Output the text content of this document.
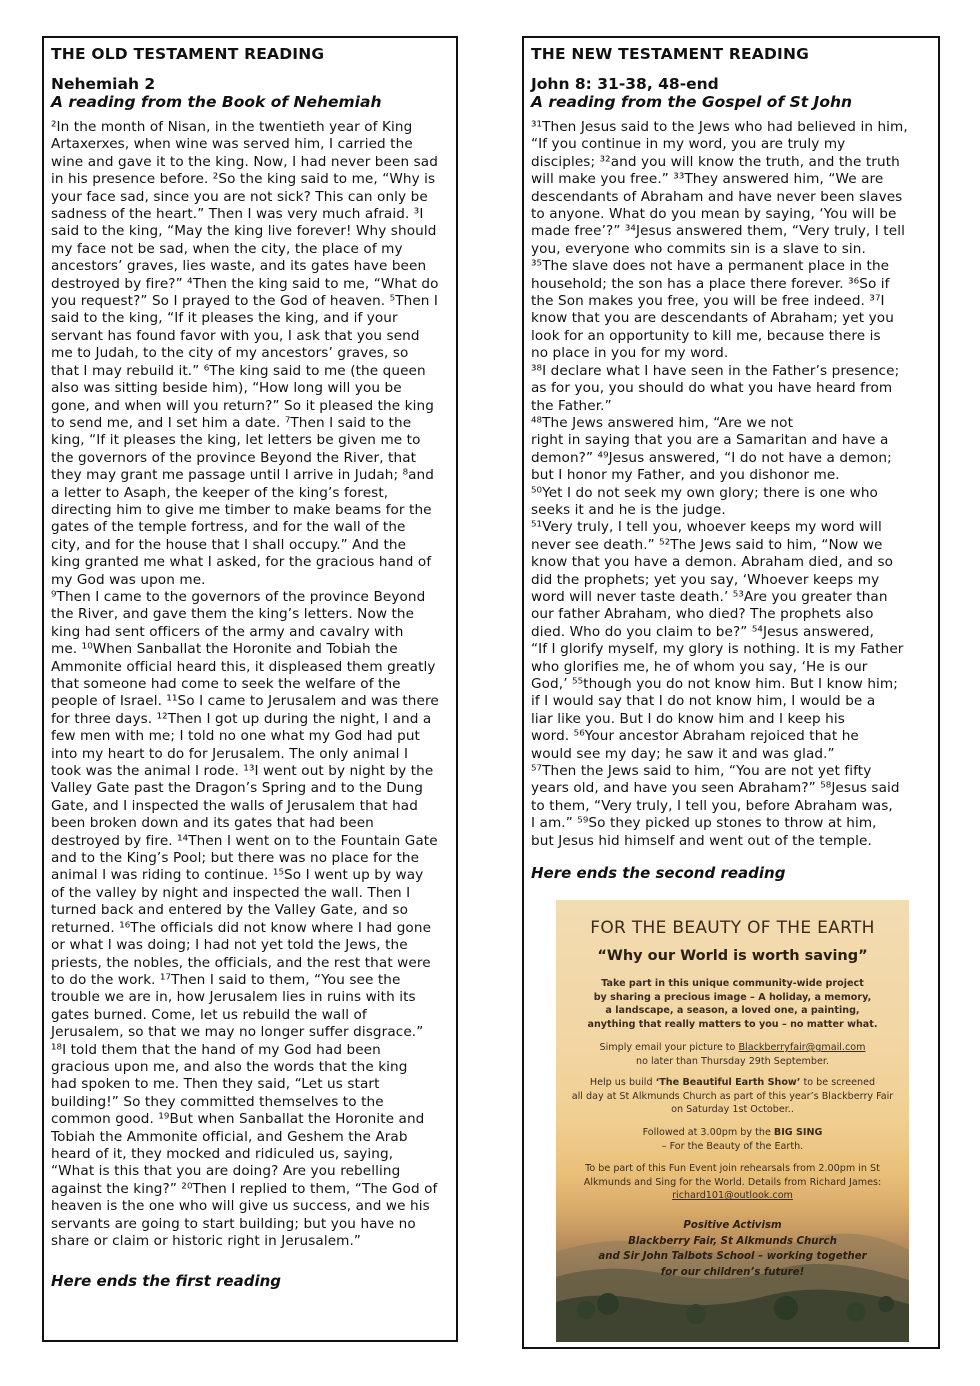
THE OLD TESTAMENT READING
Nehemiah 2
A reading from the Book of Nehemiah

²In the month of Nisan, in the twentieth year of King
Artaxerxes, when wine was served him, I carried the
wine and gave it to the king. Now, I had never been sad
in his presence before. ²So the king said to me, “Why is
your face sad, since you are not sick? This can only be
sadness of the heart.” Then I was very much afraid. ³I
said to the king, “May the king live forever! Why should
my face not be sad, when the city, the place of my
ancestors’ graves, lies waste, and its gates have been
destroyed by fire?” ⁴Then the king said to me, “What do
you request?” So I prayed to the God of heaven. ⁵Then I
said to the king, “If it pleases the king, and if your
servant has found favor with you, I ask that you send
me to Judah, to the city of my ancestors’ graves, so
that I may rebuild it.” ⁶The king said to me (the queen
also was sitting beside him), “How long will you be
gone, and when will you return?” So it pleased the king
to send me, and I set him a date. ⁷Then I said to the
king, “If it pleases the king, let letters be given me to
the governors of the province Beyond the River, that
they may grant me passage until I arrive in Judah; ⁸and
a letter to Asaph, the keeper of the king’s forest,
directing him to give me timber to make beams for the
gates of the temple fortress, and for the wall of the
city, and for the house that I shall occupy.” And the
king granted me what I asked, for the gracious hand of
my God was upon me.
⁹Then I came to the governors of the province Beyond
the River, and gave them the king’s letters. Now the
king had sent officers of the army and cavalry with
me. ¹⁰When Sanballat the Horonite and Tobiah the
Ammonite official heard this, it displeased them greatly
that someone had come to seek the welfare of the
people of Israel. ¹¹So I came to Jerusalem and was there
for three days. ¹²Then I got up during the night, I and a
few men with me; I told no one what my God had put
into my heart to do for Jerusalem. The only animal I
took was the animal I rode. ¹³I went out by night by the
Valley Gate past the Dragon’s Spring and to the Dung
Gate, and I inspected the walls of Jerusalem that had
been broken down and its gates that had been
destroyed by fire. ¹⁴Then I went on to the Fountain Gate
and to the King’s Pool; but there was no place for the
animal I was riding to continue. ¹⁵So I went up by way
of the valley by night and inspected the wall. Then I
turned back and entered by the Valley Gate, and so
returned. ¹⁶The officials did not know where I had gone
or what I was doing; I had not yet told the Jews, the
priests, the nobles, the officials, and the rest that were
to do the work. ¹⁷Then I said to them, “You see the
trouble we are in, how Jerusalem lies in ruins with its
gates burned. Come, let us rebuild the wall of
Jerusalem, so that we may no longer suffer disgrace.”
¹⁸I told them that the hand of my God had been
gracious upon me, and also the words that the king
had spoken to me. Then they said, “Let us start
building!” So they committed themselves to the
common good. ¹⁹But when Sanballat the Horonite and
Tobiah the Ammonite official, and Geshem the Arab
heard of it, they mocked and ridiculed us, saying,
“What is this that you are doing? Are you rebelling
against the king?” ²⁰Then I replied to them, “The God of
heaven is the one who will give us success, and we his
servants are going to start building; but you have no
share or claim or historic right in Jerusalem.”

Here ends the first reading
THE NEW TESTAMENT READING
John 8: 31-38, 48-end
A reading from the Gospel of St John

³¹Then Jesus said to the Jews who had believed in him,
“If you continue in my word, you are truly my
disciples; ³²and you will know the truth, and the truth
will make you free.” ³³They answered him, “We are
descendants of Abraham and have never been slaves
to anyone. What do you mean by saying, ‘You will be
made free’?” ³⁴Jesus answered them, “Very truly, I tell
you, everyone who commits sin is a slave to sin.
³⁵The slave does not have a permanent place in the
household; the son has a place there forever. ³⁶So if
the Son makes you free, you will be free indeed. ³⁷I
know that you are descendants of Abraham; yet you
look for an opportunity to kill me, because there is
no place in you for my word.
³⁸I declare what I have seen in the Father’s presence;
as for you, you should do what you have heard from
the Father.”
⁴⁸The Jews answered him, “Are we not
right in saying that you are a Samaritan and have a
demon?” ⁴⁹Jesus answered, “I do not have a demon;
but I honor my Father, and you dishonor me.
⁵⁰Yet I do not seek my own glory; there is one who
seeks it and he is the judge.
⁵¹Very truly, I tell you, whoever keeps my word will
never see death.” ⁵²The Jews said to him, “Now we
know that you have a demon. Abraham died, and so
did the prophets; yet you say, ‘Whoever keeps my
word will never taste death.’ ⁵³Are you greater than
our father Abraham, who died? The prophets also
died. Who do you claim to be?” ⁵⁴Jesus answered,
“If I glorify myself, my glory is nothing. It is my Father
who glorifies me, he of whom you say, ‘He is our
God,’ ⁵⁵though you do not know him. But I know him;
if I would say that I do not know him, I would be a
liar like you. But I do know him and I keep his
word. ⁵⁶Your ancestor Abraham rejoiced that he
would see my day; he saw it and was glad.”
⁵⁷Then the Jews said to him, “You are not yet fifty
years old, and have you seen Abraham?” ⁵⁸Jesus said
to them, “Very truly, I tell you, before Abraham was,
I am.” ⁵⁹So they picked up stones to throw at him,
but Jesus hid himself and went out of the temple.

Here ends the second reading
FOR THE BEAUTY OF THE EARTH
“Why our World is worth saving”
Take part in this unique community-wide project
by sharing a precious image – A holiday, a memory,
a landscape, a season, a loved one, a painting,
anything that really matters to you – no matter what.
Simply email your picture to Blackberryfair@gmail.com
no later than Thursday 29th September.
Help us build ‘The Beautiful Earth Show’ to be screened
all day at St Alkmunds Church as part of this year’s Blackberry Fair
on Saturday 1st October..
Followed at 3.00pm by the BIG SING
– For the Beauty of the Earth.
To be part of this Fun Event join rehearsals from 2.00pm in St
Alkmunds and Sing for the World. Details from Richard James:
richard101@outlook.com
Positive Activism
Blackberry Fair, St Alkmunds Church
and Sir John Talbots School – working together
for our children’s future!
